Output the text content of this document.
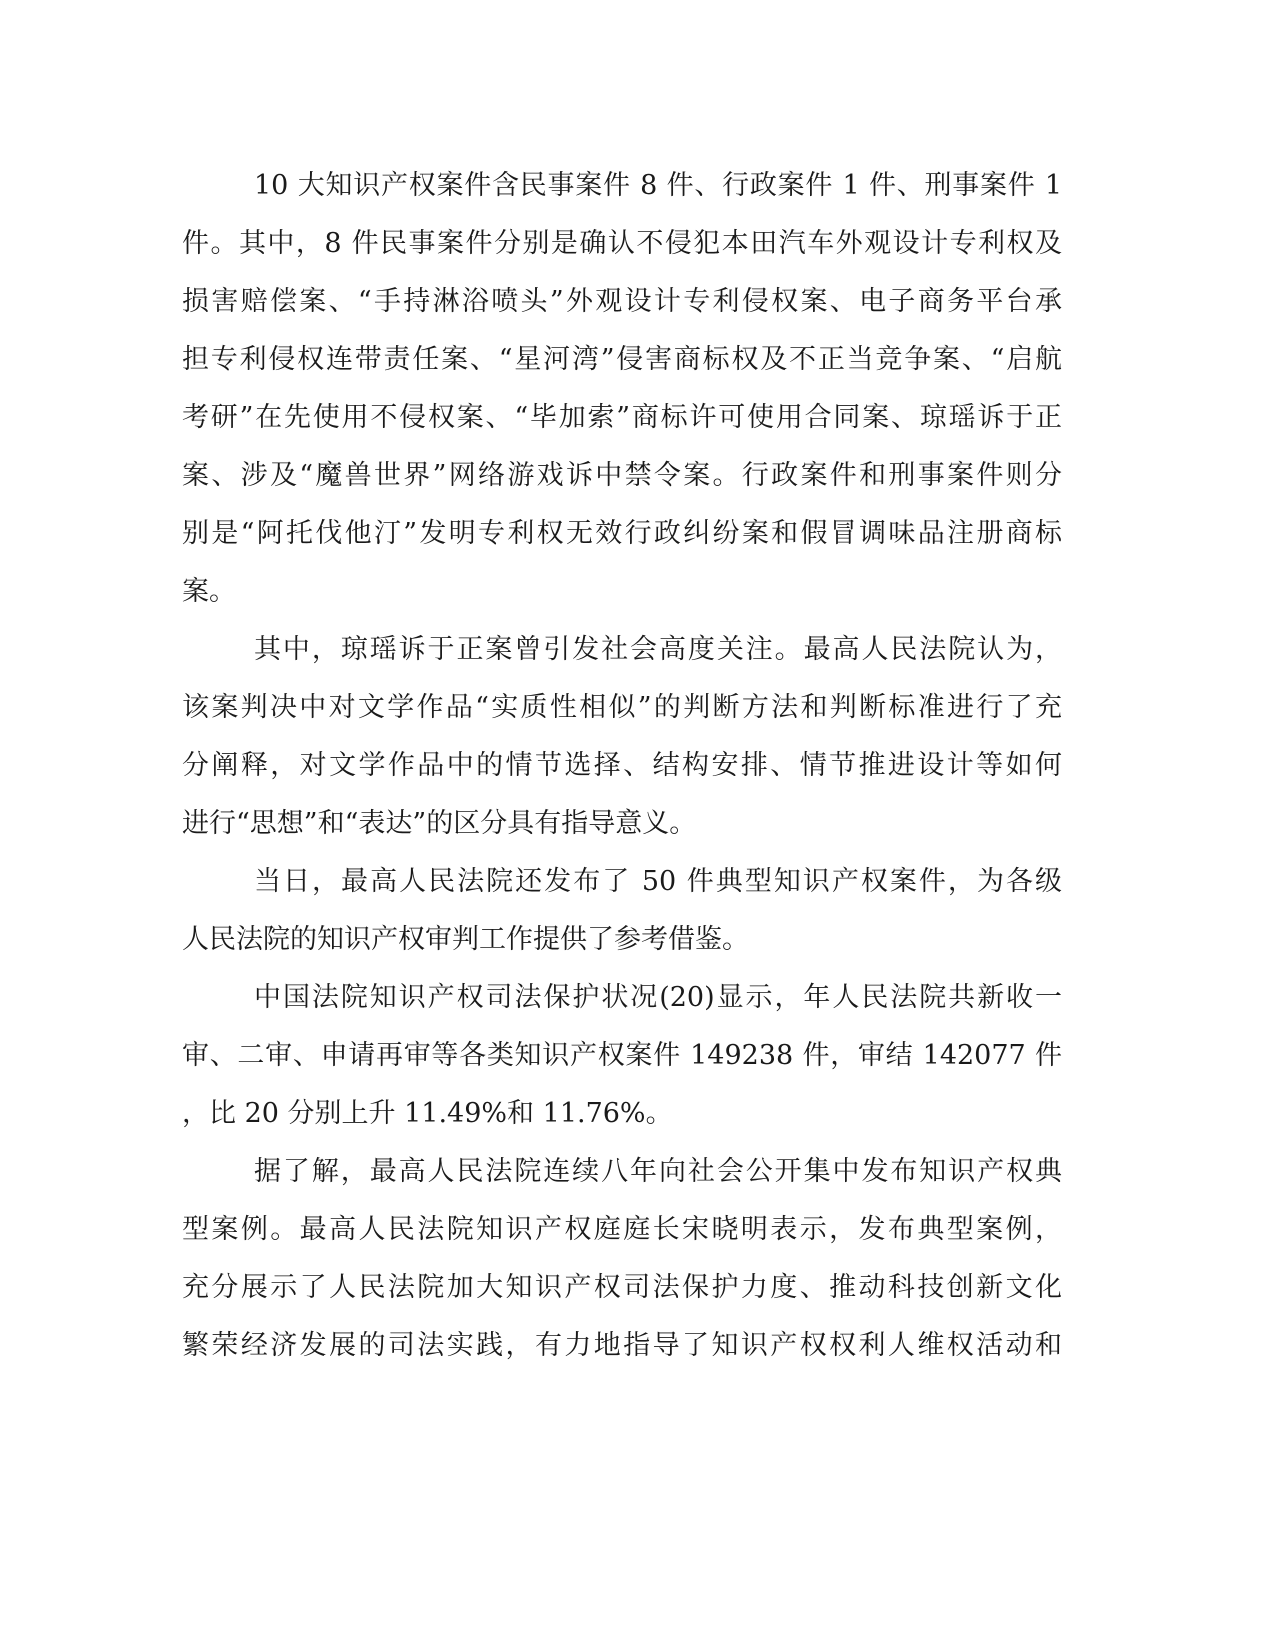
10 大知识产权案件含民事案件 8 件、行政案件 1 件、刑事案件 1
件。其中，8 件民事案件分别是确认不侵犯本田汽车外观设计专利权及
损害赔偿案、“手持淋浴喷头”外观设计专利侵权案、电子商务平台承
担专利侵权连带责任案、“星河湾”侵害商标权及不正当竞争案、“启航
考研”在先使用不侵权案、“毕加索”商标许可使用合同案、琼瑶诉于正
案、涉及“魔兽世界”网络游戏诉中禁令案。行政案件和刑事案件则分
别是“阿托伐他汀”发明专利权无效行政纠纷案和假冒调味品注册商标
案。
其中，琼瑶诉于正案曾引发社会高度关注。最高人民法院认为，
该案判决中对文学作品“实质性相似”的判断方法和判断标准进行了充
分阐释，对文学作品中的情节选择、结构安排、情节推进设计等如何
进行“思想”和“表达”的区分具有指导意义。
当日，最高人民法院还发布了 50 件典型知识产权案件，为各级
人民法院的知识产权审判工作提供了参考借鉴。
中国法院知识产权司法保护状况(20)显示，年人民法院共新收一
审、二审、申请再审等各类知识产权案件 149238 件，审结 142077 件
，比 20 分别上升 11.49%和 11.76%。
据了解，最高人民法院连续八年向社会公开集中发布知识产权典
型案例。最高人民法院知识产权庭庭长宋晓明表示，发布典型案例，
充分展示了人民法院加大知识产权司法保护力度、推动科技创新文化
繁荣经济发展的司法实践，有力地指导了知识产权权利人维权活动和
